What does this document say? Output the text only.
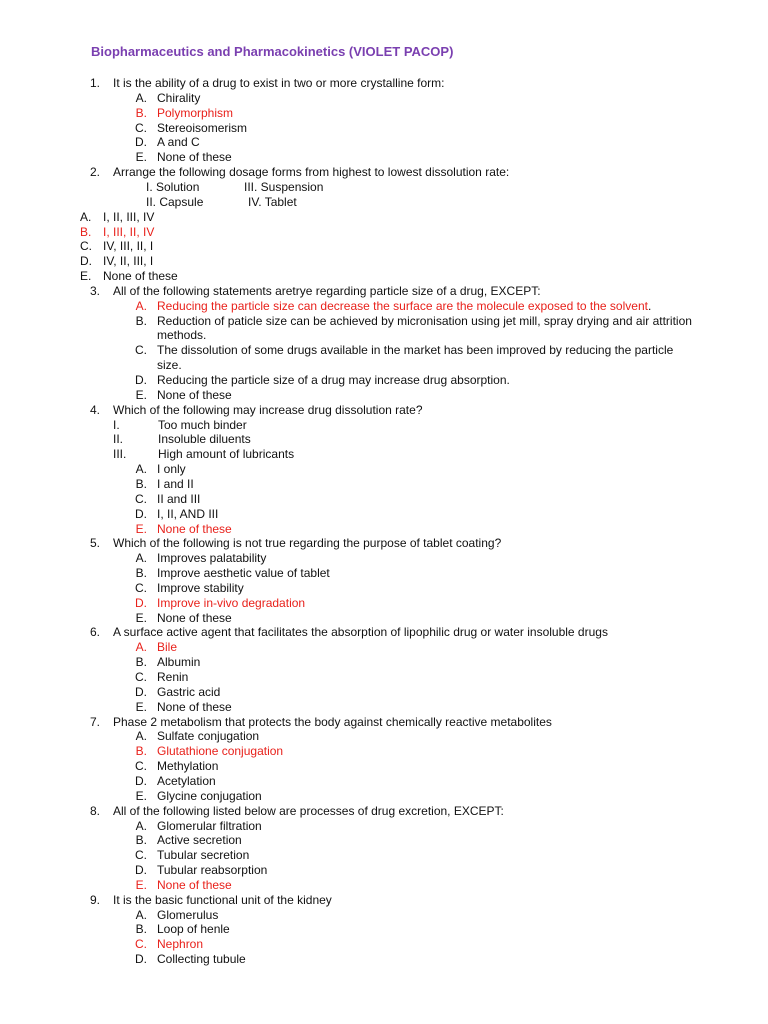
Biopharmaceutics and Pharmacokinetics (VIOLET PACOP)
1. It is the ability of a drug to exist in two or more crystalline form:
A. Chirality
B. Polymorphism
C. Stereoisomerism
D. A and C
E. None of these
2. Arrange the following dosage forms from highest to lowest dissolution rate:
I. Solution	III. Suspension
II. Capsule	IV. Tablet
A. I, II, III, IV
B. I, III, II, IV
C. IV, III, II, I
D. IV, II, III, I
E. None of these
3. All of the following statements aretrye regarding particle size of a drug, EXCEPT:
A. Reducing the particle size can decrease the surface are the molecule exposed to the solvent .
B. Reduction of paticle size can be achieved by micronisation using jet mill, spray drying and air attrition
methods.
C. The dissolution of some drugs available in the market has been improved by reducing the particle
size.
D. Reducing the particle size of a drug may increase drug absorption.
E. None of these
4. Which of the following may increase drug dissolution rate?
I.	Too much binder
II.	Insoluble diluents
III.	High amount of lubricants
A. I only
B. I and II
C. II and III
D. I, II, AND III
E. None of these
5. Which of the following is not true regarding the purpose of tablet coating?
A. Improves palatability
B. Improve aesthetic value of tablet
C. Improve stability
D. Improve in-vivo degradation
E. None of these
6. A surface active agent that facilitates the absorption of lipophilic drug or water insoluble drugs
A. Bile
B. Albumin
C. Renin
D. Gastric acid
E. None of these
7. Phase 2 metabolism that protects the body against chemically reactive metabolites
A. Sulfate conjugation
B. Glutathione conjugation
C. Methylation
D. Acetylation
E. Glycine conjugation
8. All of the following listed below are processes of drug excretion, EXCEPT:
A. Glomerular filtration
B. Active secretion
C. Tubular secretion
D. Tubular reabsorption
E. None of these
9. It is the basic functional unit of the kidney
A. Glomerulus
B. Loop of henle
C. Nephron
D. Collecting tubule
